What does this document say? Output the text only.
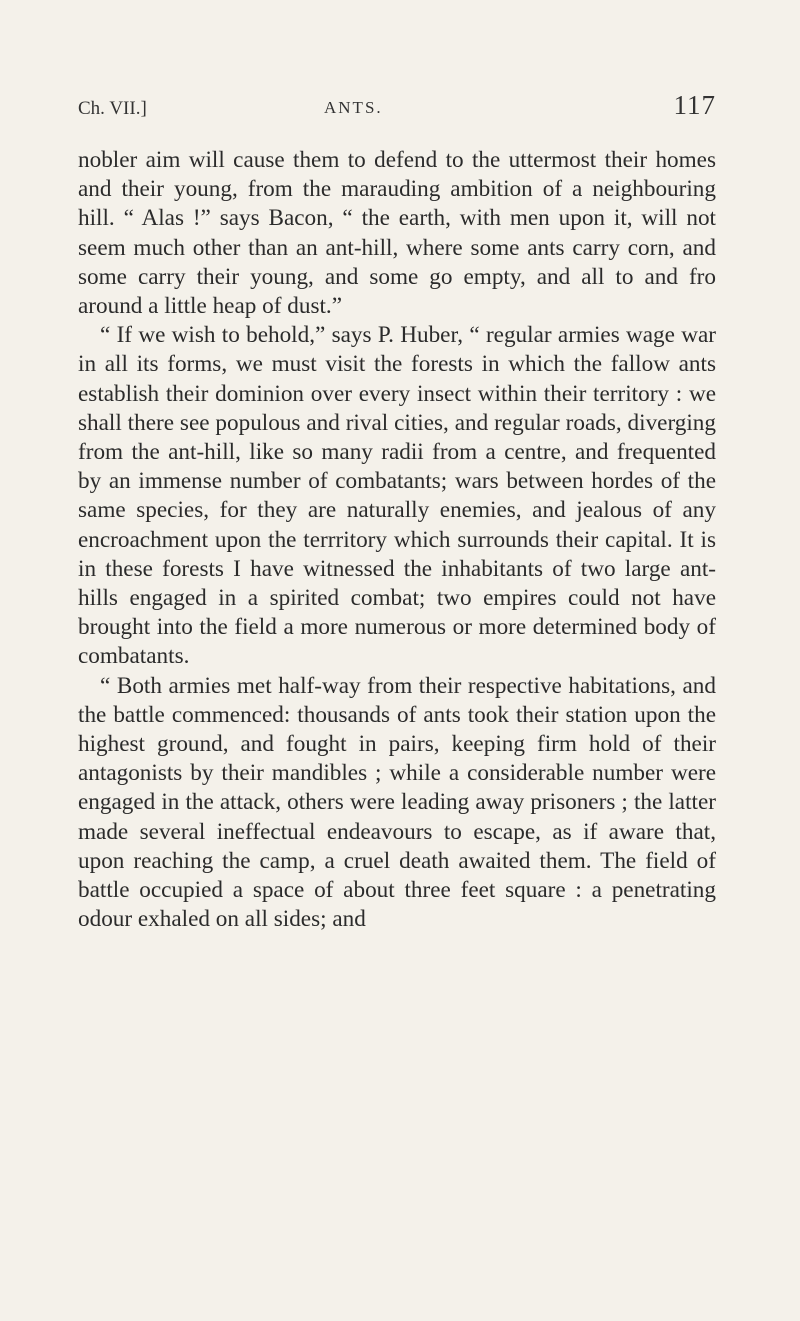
Ch. VII.]	ANTS.	117

nobler aim will cause them to defend to the uttermost their homes and their young, from the marauding ambition of a neighbouring hill. “ Alas !” says Bacon, “ the earth, with men upon it, will not seem much other than an ant-hill, where some ants carry corn, and some carry their young, and some go empty, and all to and fro around a little heap of dust.”

“ If we wish to behold,” says P. Huber, “ regular armies wage war in all its forms, we must visit the forests in which the fallow ants establish their dominion over every insect within their territory : we shall there see populous and rival cities, and regular roads, diverging from the ant-hill, like so many radii from a centre, and frequented by an immense number of combatants; wars between hordes of the same species, for they are naturally enemies, and jealous of any encroachment upon the terrritory which surrounds their capital. It is in these forests I have witnessed the inhabitants of two large ant-hills engaged in a spirited combat; two empires could not have brought into the field a more numerous or more determined body of combatants.

“ Both armies met half-way from their respective habitations, and the battle commenced: thousands of ants took their station upon the highest ground, and fought in pairs, keeping firm hold of their antagonists by their mandibles ; while a considerable number were engaged in the attack, others were leading away prisoners ; the latter made several ineffectual endeavours to escape, as if aware that, upon reaching the camp, a cruel death awaited them. The field of battle occupied a space of about three feet square : a penetrating odour exhaled on all sides; and
